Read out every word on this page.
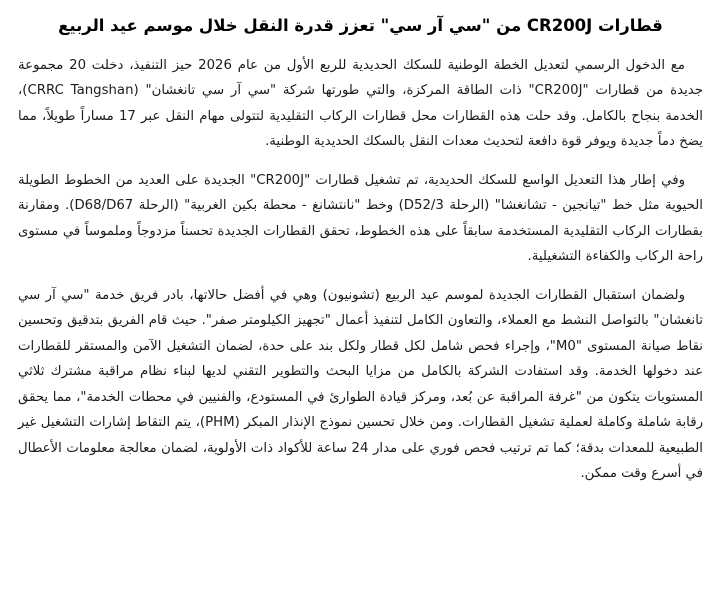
قطارات CR200J من "سي آر سي" تعزز قدرة النقل خلال موسم عيد الربيع

مع الدخول الرسمي لتعديل الخطة الوطنية للسكك الحديدية للربع الأول من عام 2026 حيز التنفيذ، دخلت 20 مجموعة جديدة من قطارات "CR200J" ذات الطاقة المركزة، والتي طورتها شركة "سي آر سي تانغشان" (CRRC Tangshan)، الخدمة بنجاح بالكامل. وقد حلت هذه القطارات محل قطارات الركاب التقليدية لتتولى مهام النقل عبر 17 مساراً طويلاً، مما يضخ دماً جديدة ويوفر قوة دافعة لتحديث معدات النقل بالسكك الحديدية الوطنية.

وفي إطار هذا التعديل الواسع للسكك الحديدية، تم تشغيل قطارات "CR200J" الجديدة على العديد من الخطوط الطويلة الحيوية مثل خط "تيانجين - تشانغشا" (الرحلة D52/3) وخط "نانتشانغ - محطة بكين الغربية" (الرحلة D68/D67). ومقارنة بقطارات الركاب التقليدية المستخدمة سابقاً على هذه الخطوط، تحقق القطارات الجديدة تحسناً مزدوجاً وملموساً في مستوى راحة الركاب والكفاءة التشغيلية.

ولضمان استقبال القطارات الجديدة لموسم عيد الربيع (تشونيون) وهي في أفضل حالاتها، بادر فريق خدمة "سي آر سي تانغشان" بالتواصل النشط مع العملاء، والتعاون الكامل لتنفيذ أعمال "تجهيز الكيلومتر صفر". حيث قام الفريق بتدقيق وتحسين نقاط صيانة المستوى "M0"، وإجراء فحص شامل لكل قطار ولكل بند على حدة، لضمان التشغيل الآمن والمستقر للقطارات عند دخولها الخدمة. وقد استفادت الشركة بالكامل من مزايا البحث والتطوير التقني لديها لبناء نظام مراقبة مشترك ثلاثي المستويات يتكون من "غرفة المراقبة عن بُعد، ومركز قيادة الطوارئ في المستودع، والفنيين في محطات الخدمة"، مما يحقق رقابة شاملة وكاملة لعملية تشغيل القطارات. ومن خلال تحسين نموذج الإنذار المبكر (PHM)، يتم التقاط إشارات التشغيل غير الطبيعية للمعدات بدقة؛ كما تم ترتيب فحص فوري على مدار 24 ساعة للأكواد ذات الأولوية، لضمان معالجة معلومات الأعطال في أسرع وقت ممكن.
